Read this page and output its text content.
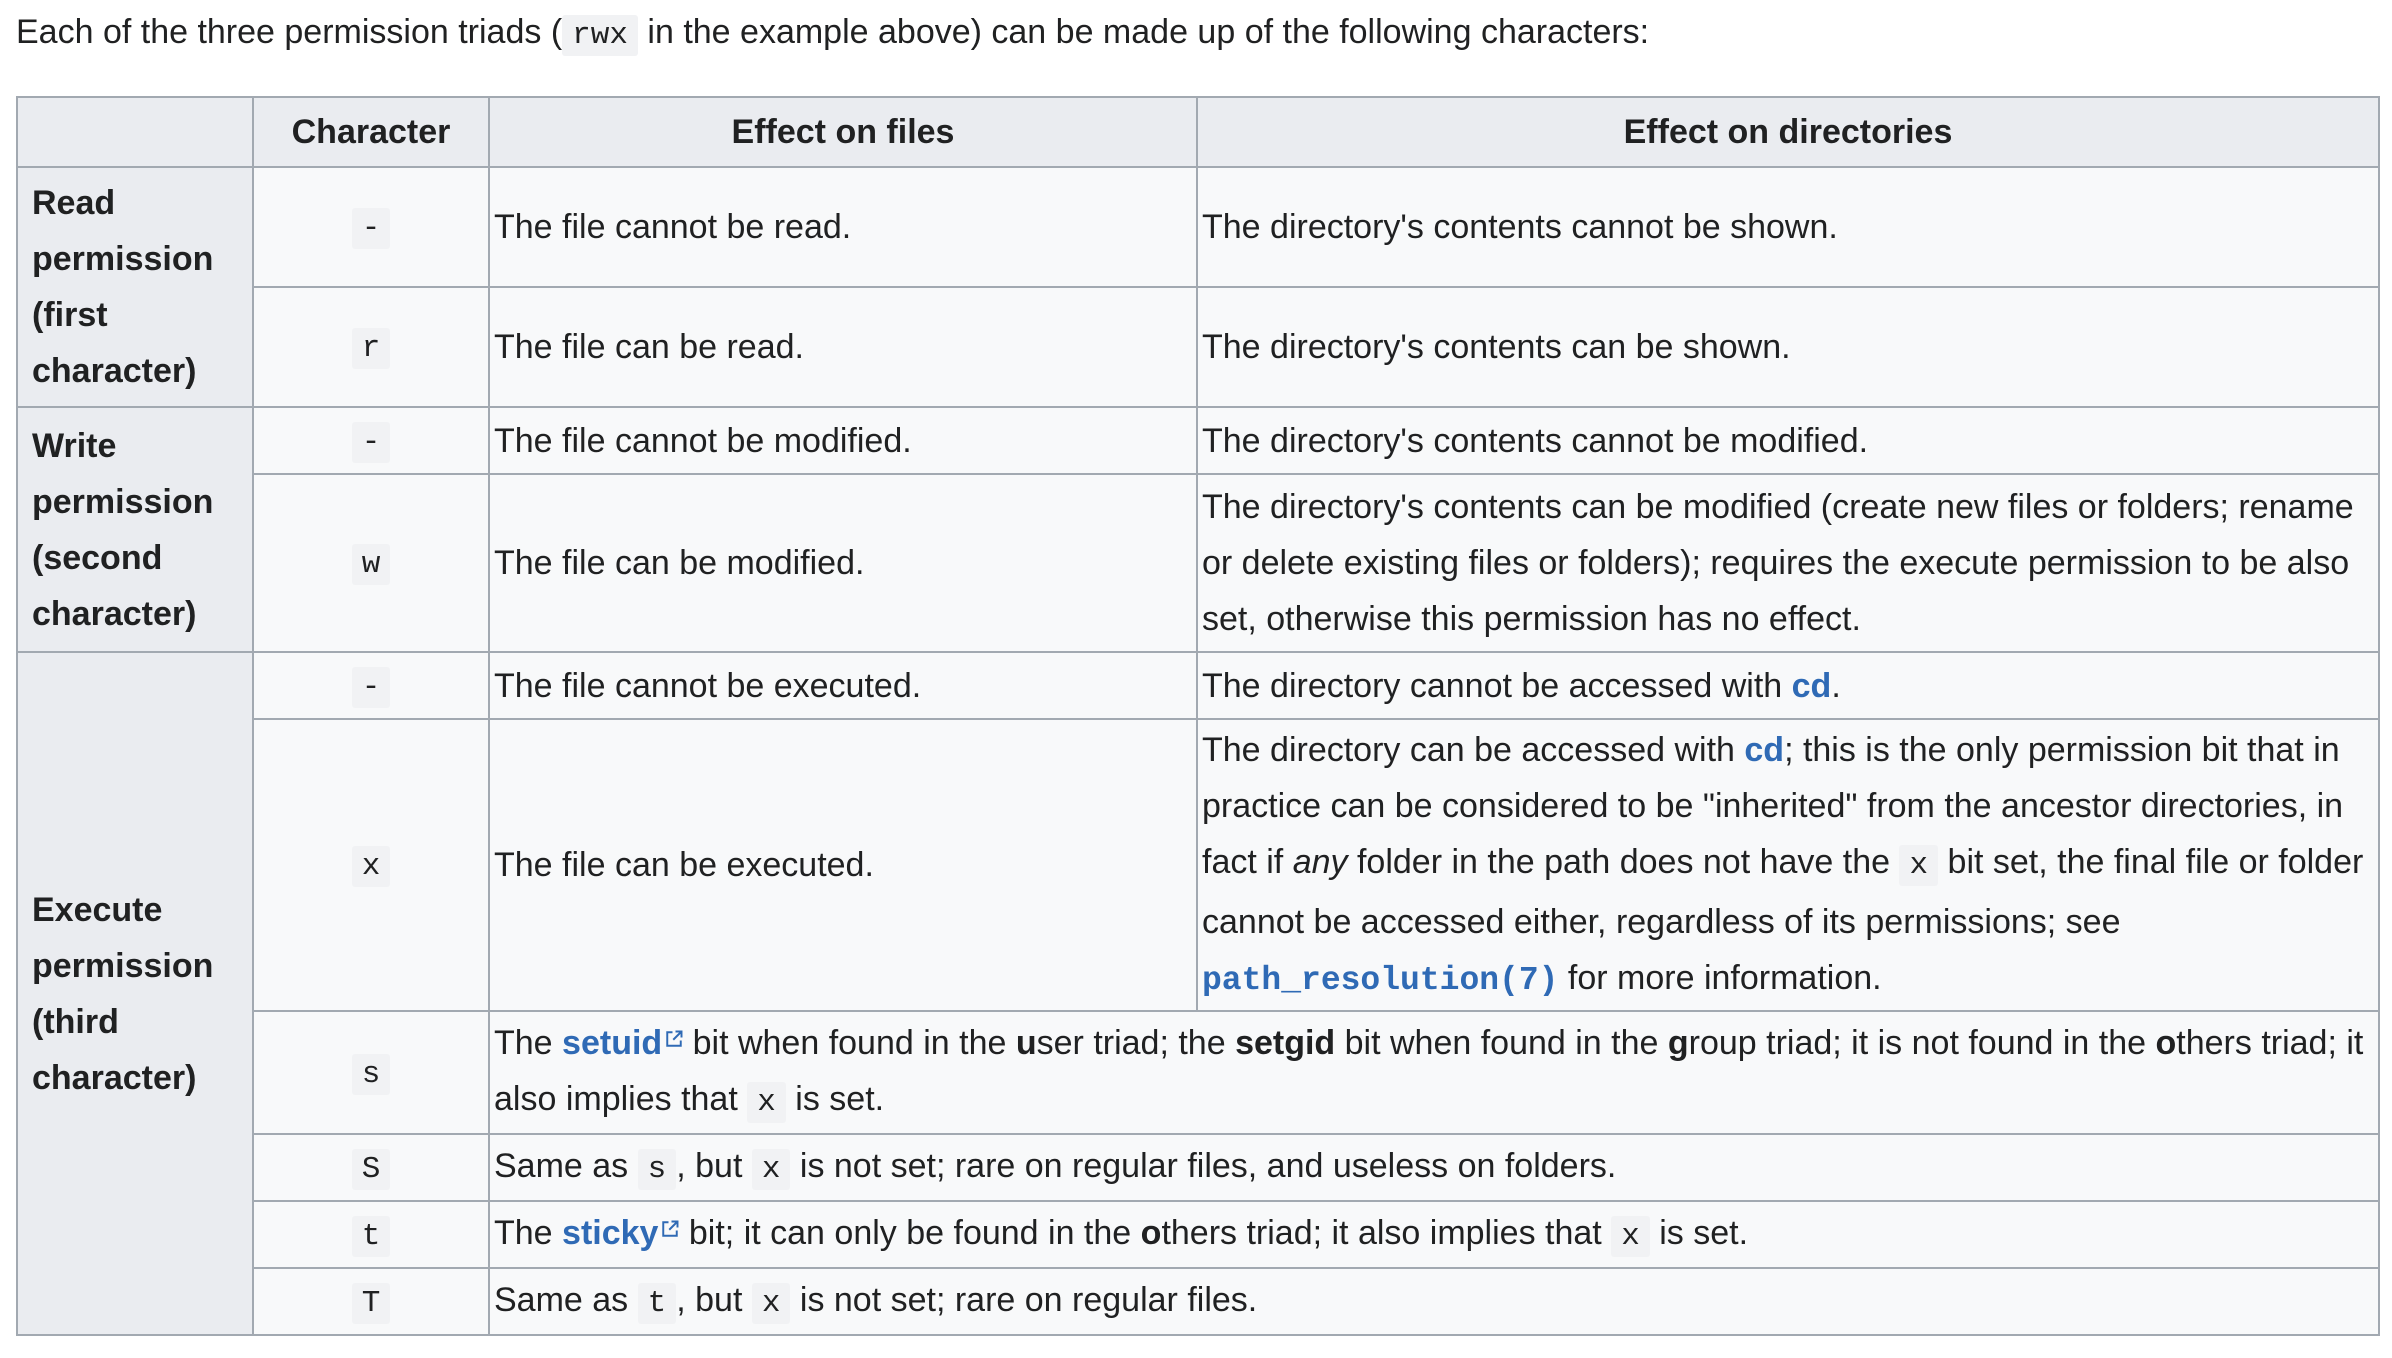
Each of the three permission triads ( rwx in the example above) can be made up of the following characters:

	Character	Effect on files	Effect on directories
Read permission (first character)	-	The file cannot be read.	The directory's contents cannot be shown.
	r	The file can be read.	The directory's contents can be shown.
Write permission (second character)	-	The file cannot be modified.	The directory's contents cannot be modified.
	w	The file can be modified.	The directory's contents can be modified (create new files or folders; rename or delete existing files or folders); requires the execute permission to be also set, otherwise this permission has no effect.
Execute permission (third character)	-	The file cannot be executed.	The directory cannot be accessed with cd.
	x	The file can be executed.	The directory can be accessed with cd; this is the only permission bit that in practice can be considered to be "inherited" from the ancestor directories, in fact if any folder in the path does not have the x bit set, the final file or folder cannot be accessed either, regardless of its permissions; see path_resolution(7) for more information.
	s	The setuid bit when found in the user triad; the setgid bit when found in the group triad; it is not found in the others triad; it also implies that x is set.	
	S	Same as s , but x is not set; rare on regular files, and useless on folders.	
	t	The sticky bit; it can only be found in the others triad; it also implies that x is set.	
	T	Same as t , but x is not set; rare on regular files.	
